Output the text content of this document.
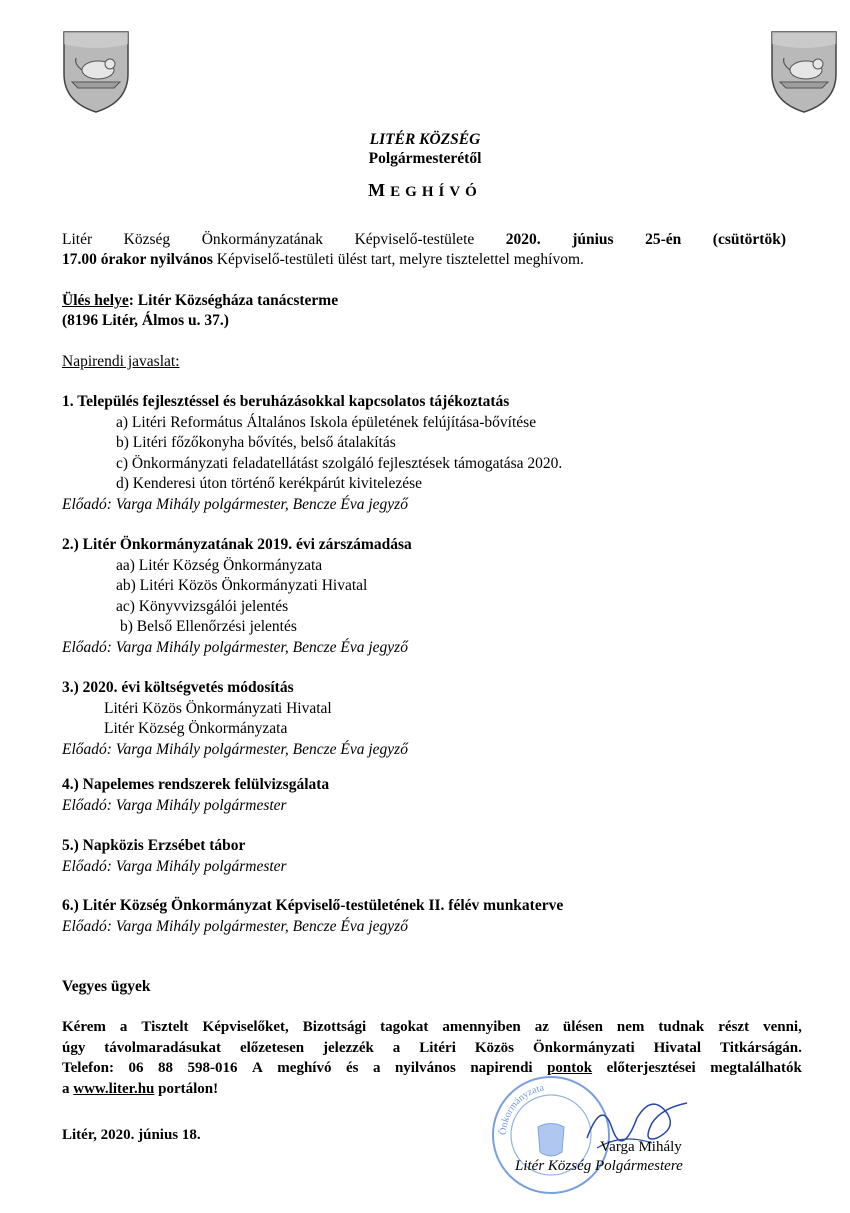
LITÉR KÖZSÉG
Polgármesterétől
MEGHÍVÓ
Litér Község Önkormányzatának Képviselő-testülete 2020. június 25-én (csütörtök)
17.00 órakor nyilvános Képviselő-testületi ülést tart, melyre tisztelettel meghívom.
Ülés helye: Litér Községháza tanácsterme
(8196 Litér, Álmos u. 37.)
Napirendi javaslat:
1. Település fejlesztéssel és beruházásokkal kapcsolatos tájékoztatás
a) Litéri Református Általános Iskola épületének felújítása-bővítése
b) Litéri főzőkonyha bővítés, belső átalakítás
c) Önkormányzati feladatellátást szolgáló fejlesztések támogatása 2020.
d) Kenderesi úton történő kerékpárút kivitelezése
Előadó: Varga Mihály polgármester, Bencze Éva jegyző
2.) Litér Önkormányzatának 2019. évi zárszámadása
aa) Litér Község Önkormányzata
ab) Litéri Közös Önkormányzati Hivatal
ac) Könyvvizsgálói jelentés
b) Belső Ellenőrzési jelentés
Előadó: Varga Mihály polgármester, Bencze Éva jegyző
3.) 2020. évi költségvetés módosítás
Litéri Közös Önkormányzati Hivatal
Litér Község Önkormányzata
Előadó: Varga Mihály polgármester, Bencze Éva jegyző
4.) Napelemes rendszerek felülvizsgálata
Előadó: Varga Mihály polgármester
5.) Napközis Erzsébet tábor
Előadó: Varga Mihály polgármester
6.) Litér Község Önkormányzat Képviselő-testületének II. félév munkaterve
Előadó: Varga Mihály polgármester, Bencze Éva jegyző
Vegyes ügyek
Kérem a Tisztelt Képviselőket, Bizottsági tagokat amennyiben az ülésen nem tudnak részt venni,
úgy távolmaradásukat előzetesen jelezzék a Litéri Közös Önkormányzati Hivatal Titkárságán.
Telefon: 06 88 598-016 A meghívó és a nyilvános napirendi pontok előterjesztései megtalálhatók
a www.liter.hu portálon!
Litér, 2020. június 18.	Önkormányzata
Varga Mihály
Litér Község Polgármestere
